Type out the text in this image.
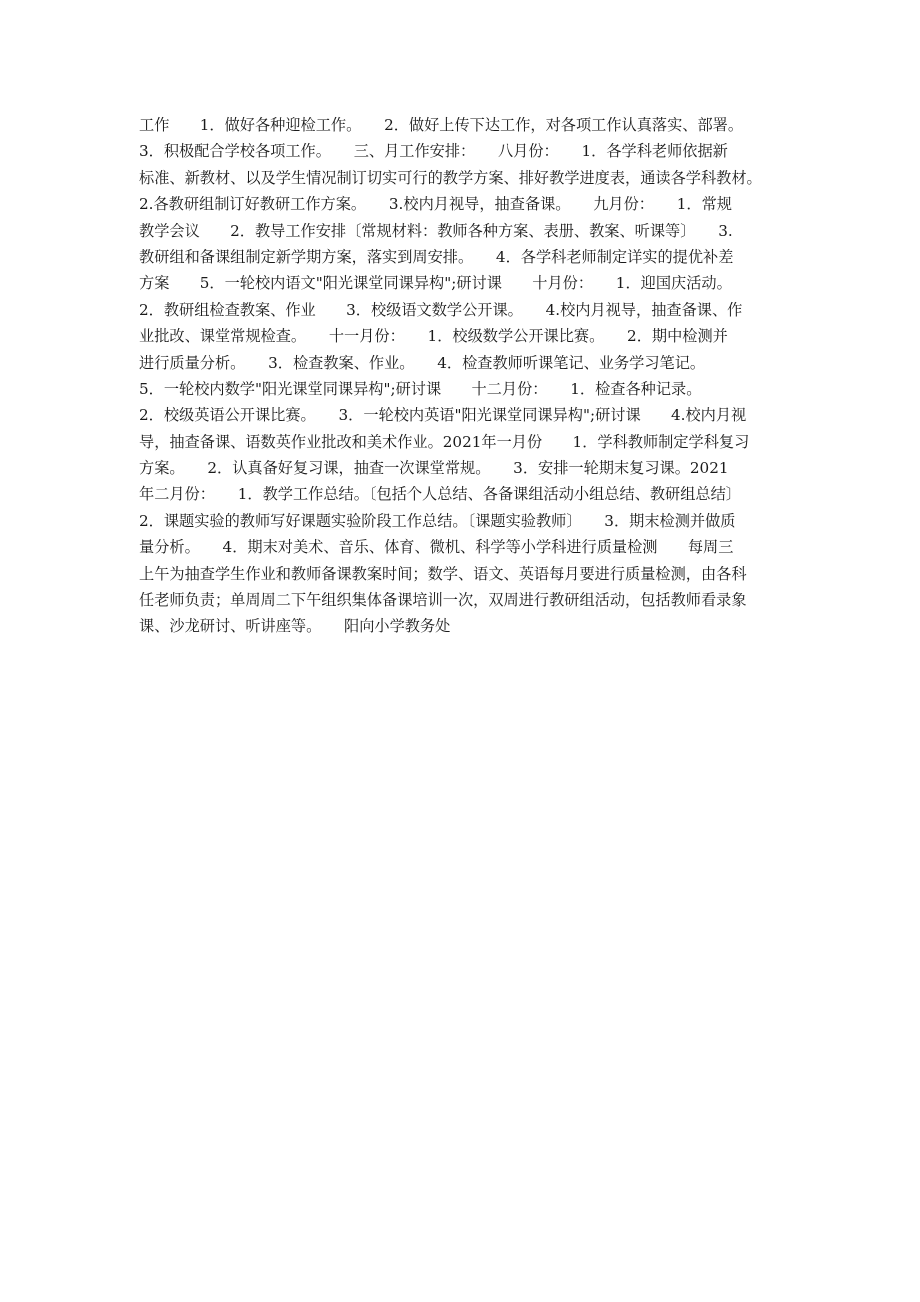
工作　　1．做好各种迎检工作。　　2．做好上传下达工作，对各项工作认真落实、部署。
3．积极配合学校各项工作。　　三、月工作安排：　　八月份：　　1．各学科老师依据新
标准、新教材、以及学生情况制订切实可行的教学方案、排好教学进度表，通读各学科教材。
2.各教研组制订好教研工作方案。　　3.校内月视导，抽查备课。　　九月份：　　1．常规
教学会议　　2．教导工作安排〔常规材料：教师各种方案、表册、教案、听课等〕　　3.
教研组和备课组制定新学期方案，落实到周安排。　　4．各学科老师制定详实的提优补差
方案　　5．一轮校内语文"阳光课堂同课异构";研讨课　　十月份：　　1．迎国庆活动。
2．教研组检查教案、作业　　3．校级语文数学公开课。　　4.校内月视导，抽查备课、作
业批改、课堂常规检查。　　十一月份：　　1．校级数学公开课比赛。　　2．期中检测并
进行质量分析。　　3．检查教案、作业。　　4．检查教师听课笔记、业务学习笔记。
5．一轮校内数学"阳光课堂同课异构";研讨课　　十二月份：　　1．检查各种记录。
2．校级英语公开课比赛。　　3．一轮校内英语"阳光课堂同课异构";研讨课　　4.校内月视
导，抽查备课、语数英作业批改和美术作业。2021年一月份　　1．学科教师制定学科复习
方案。　　2．认真备好复习课，抽查一次课堂常规。　　3．安排一轮期末复习课。2021
年二月份：　　1．教学工作总结。〔包括个人总结、各备课组活动小组总结、教研组总结〕
2．课题实验的教师写好课题实验阶段工作总结。〔课题实验教师〕　　3．期末检测并做质
量分析。　　4．期末对美术、音乐、体育、微机、科学等小学科进行质量检测　　每周三
上午为抽查学生作业和教师备课教案时间；数学、语文、英语每月要进行质量检测，由各科
任老师负责；单周周二下午组织集体备课培训一次，双周进行教研组活动，包括教师看录象
课、沙龙研讨、听讲座等。　　阳向小学教务处
